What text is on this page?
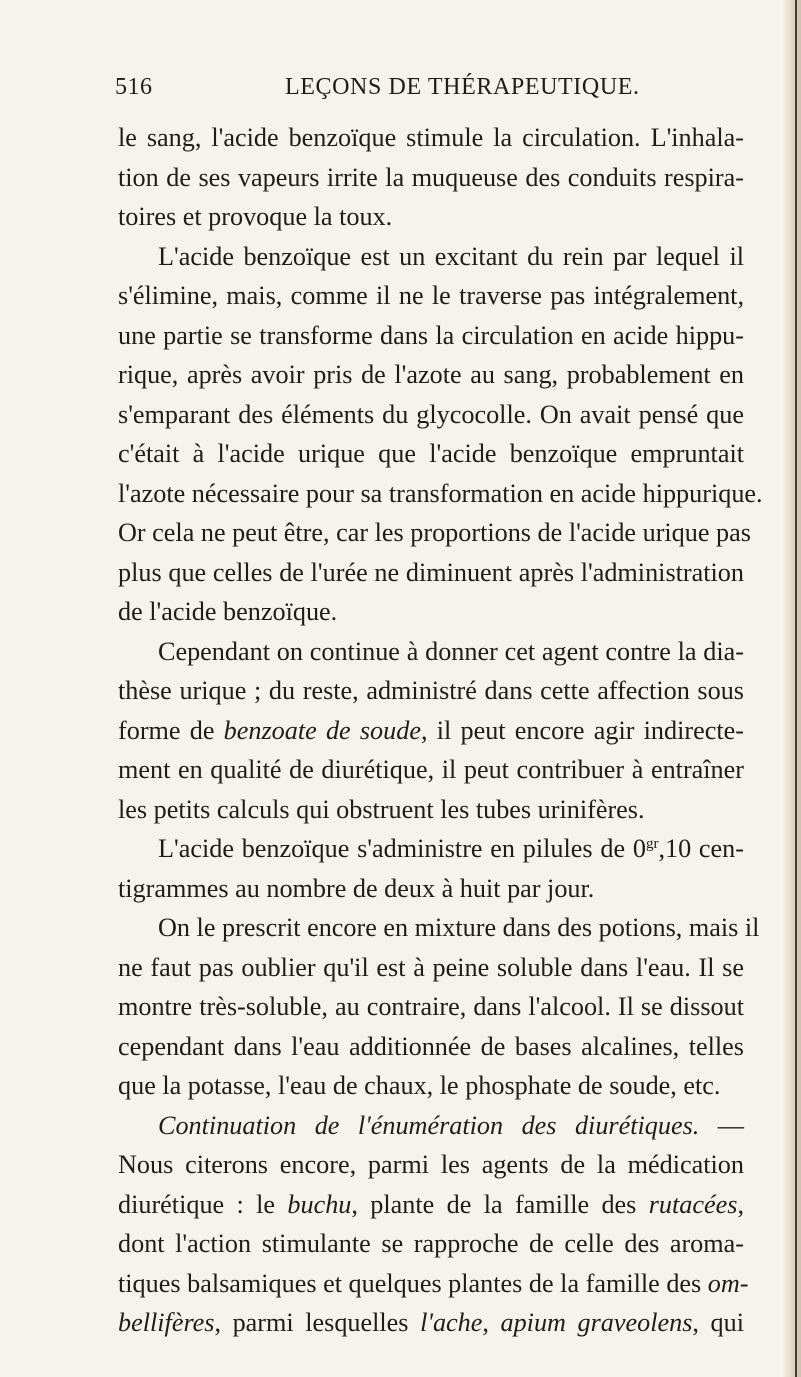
516	LEÇONS DE THÉRAPEUTIQUE.
le sang, l'acide benzoïque stimule la circulation. L'inhala-
tion de ses vapeurs irrite la muqueuse des conduits respira-
toires et provoque la toux.
L'acide benzoïque est un excitant du rein par lequel il
s'élimine, mais, comme il ne le traverse pas intégralement,
une partie se transforme dans la circulation en acide hippu-
rique, après avoir pris de l'azote au sang, probablement en
s'emparant des éléments du glycocolle. On avait pensé que
c'était à l'acide urique que l'acide benzoïque empruntait
l'azote nécessaire pour sa transformation en acide hippurique.
Or cela ne peut être, car les proportions de l'acide urique pas
plus que celles de l'urée ne diminuent après l'administration
de l'acide benzoïque.
Cependant on continue à donner cet agent contre la dia-
thèse urique ; du reste, administré dans cette affection sous
forme de benzoate de soude, il peut encore agir indirecte-
ment en qualité de diurétique, il peut contribuer à entraîner
les petits calculs qui obstruent les tubes urinifères.
L'acide benzoïque s'administre en pilules de $0^{gr},10$ cen-
tigrammes au nombre de deux à huit par jour.
On le prescrit encore en mixture dans des potions, mais il
ne faut pas oublier qu'il est à peine soluble dans l'eau. Il se
montre très-soluble, au contraire, dans l'alcool. Il se dissout
cependant dans l'eau additionnée de bases alcalines, telles
que la potasse, l'eau de chaux, le phosphate de soude, etc.
Continuation de l'énumération des diurétiques. —
Nous citerons encore, parmi les agents de la médication
diurétique : le buchu, plante de la famille des rutacées,
dont l'action stimulante se rapproche de celle des aroma-
tiques balsamiques et quelques plantes de la famille des om-
bellifères, parmi lesquelles l'ache, apium graveolens, qui
